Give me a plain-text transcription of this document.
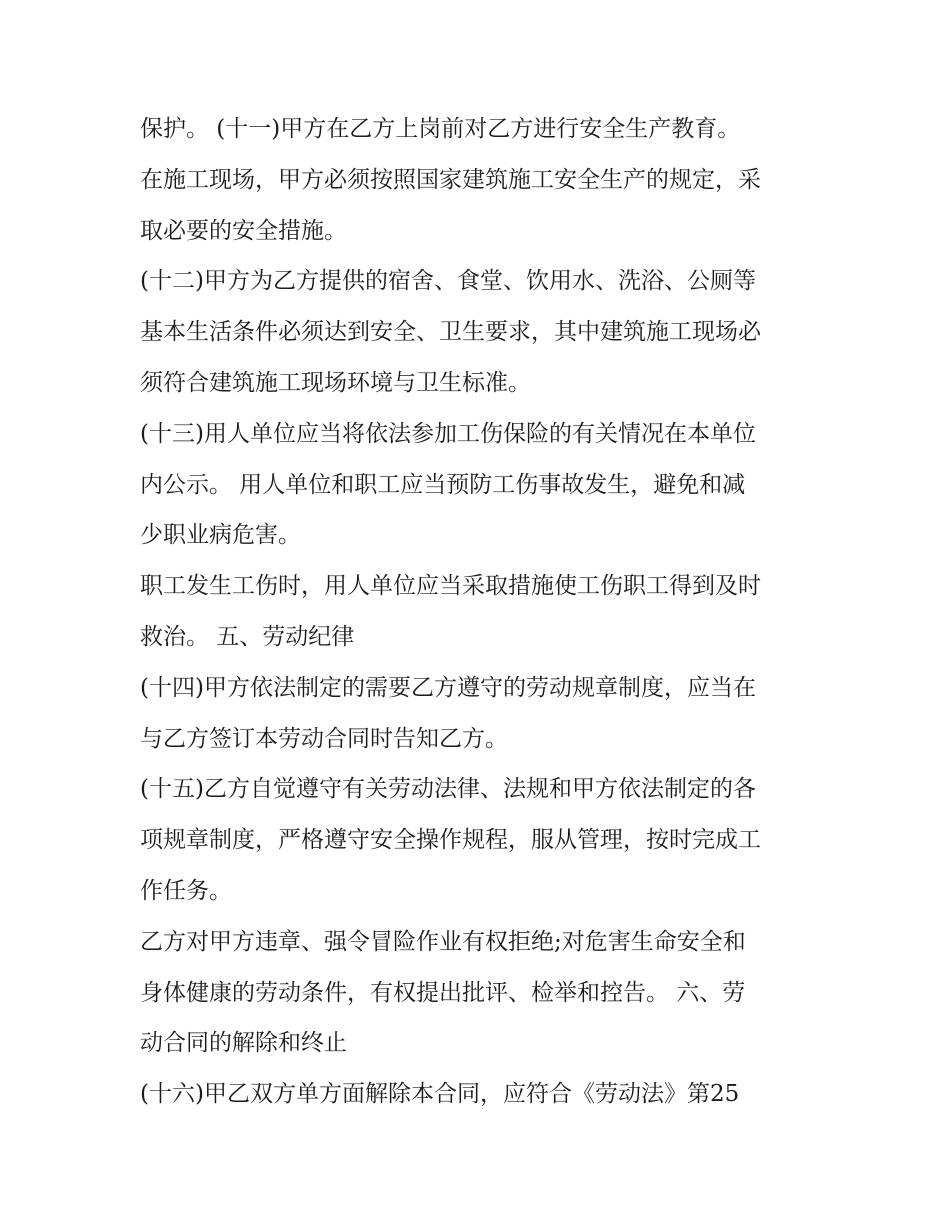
保护。 (十一)甲方在乙方上岗前对乙方进行安全生产教育。
在施工现场，甲方必须按照国家建筑施工安全生产的规定，采
取必要的安全措施。
(十二)甲方为乙方提供的宿舍、食堂、饮用水、洗浴、公厕等
基本生活条件必须达到安全、卫生要求，其中建筑施工现场必
须符合建筑施工现场环境与卫生标准。
(十三)用人单位应当将依法参加工伤保险的有关情况在本单位
内公示。 用人单位和职工应当预防工伤事故发生，避免和减
少职业病危害。
职工发生工伤时，用人单位应当采取措施使工伤职工得到及时
救治。 五、劳动纪律
(十四)甲方依法制定的需要乙方遵守的劳动规章制度，应当在
与乙方签订本劳动合同时告知乙方。
(十五)乙方自觉遵守有关劳动法律、法规和甲方依法制定的各
项规章制度，严格遵守安全操作规程，服从管理，按时完成工
作任务。
乙方对甲方违章、强令冒险作业有权拒绝;对危害生命安全和
身体健康的劳动条件，有权提出批评、检举和控告。 六、劳
动合同的解除和终止
(十六)甲乙双方单方面解除本合同，应符合《劳动法》第25
